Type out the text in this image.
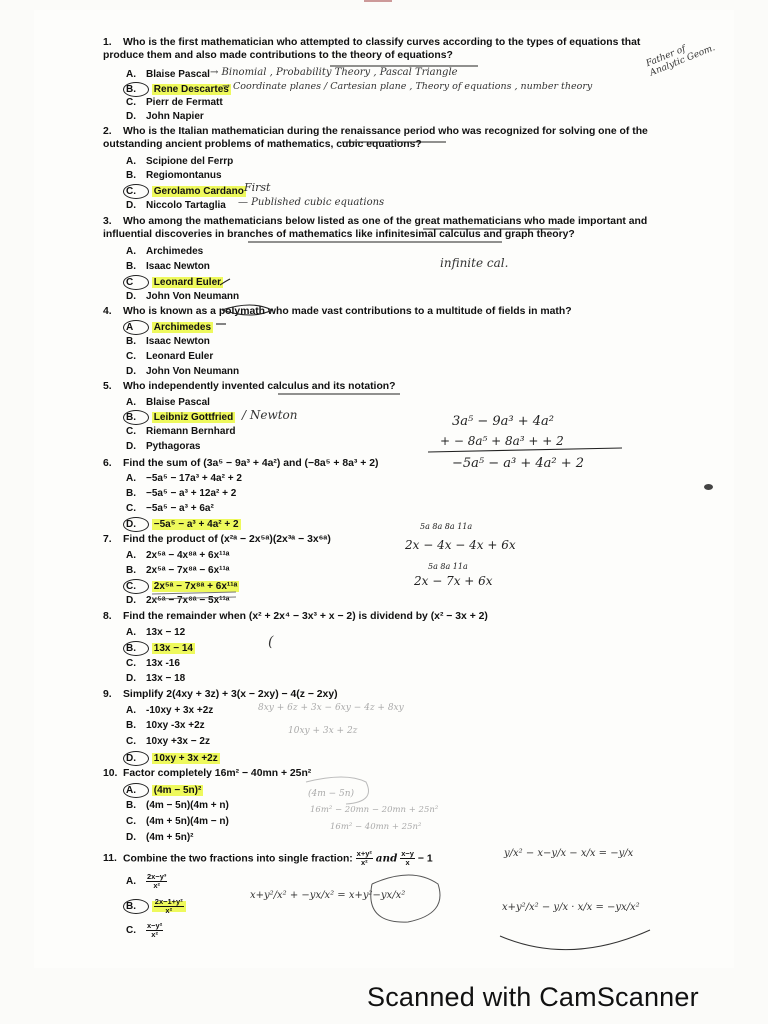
1. Who is the first mathematician who attempted to classify curves according to the types of equations that produce them and also made contributions to the theory of equations?
A. Blaise Pascal
B. Rene Descartes
C. Pierr de Fermatt
D. John Napier
→ Binomial , Probability Theory , Pascal Triangle
→ Coordinate planes / Cartesian plane , Theory of equations , number theory
Father of Analytic Geom.
2. Who is the Italian mathematician during the renaissance period who was recognized for solving one of the outstanding ancient problems of mathematics, cubic equations?
A. Scipione del Ferrp
B. Regiomontanus
C. Gerolamo Cardano
D. Niccolo Tartaglia
First
— Published cubic equations
3. Who among the mathematicians below listed as one of the great mathematicians who made important and influential discoveries in branches of mathematics like infinitesimal calculus and graph theory?
A. Archimedes
B. Isaac Newton
C Leonard Euler
D. John Von Neumann
infinite cal.
4. Who is known as a polymath who made vast contributions to a multitude of fields in math?
A Archimedes
B. Isaac Newton
C. Leonard Euler
D. John Von Neumann
5. Who independently invented calculus and its notation?
A. Blaise Pascal
B. Leibniz Gottfried
C. Riemann Bernhard
D. Pythagoras
/ Newton	3a⁵ − 9a³ + 4a²
+ − 8a⁵ + 8a³ + + 2
−5a⁵ − a³ + 4a² + 2
6. Find the sum of (3a⁵ − 9a³ + 4a²) and (−8a⁵ + 8a³ + 2)
A. −5a⁵ − 17a³ + 4a² + 2
B. −5a⁵ − a³ + 12a² + 2
C. −5a⁵ − a³ + 6a²
D. −5a⁵ − a³ + 4a² + 2
7. Find the product of (x²ᵃ − 2x⁵ᵃ)(2x³ᵃ − 3x⁶ᵃ)
A. 2x⁵ᵃ − 4x⁸ᵃ + 6x¹¹ᵃ
B. 2x⁵ᵃ − 7x⁸ᵃ − 6x¹¹ᵃ
C. 2x⁵ᵃ − 7x⁸ᵃ + 6x¹¹ᵃ
D. 2x⁵ᵃ − 7x⁸ᵃ − 5x¹¹ᵃ
5a 8a 8a 11a
2x − 4x − 4x + 6x
5a 8a 11a
2x − 7x + 6x
8. Find the remainder when (x² + 2x⁴ − 3x³ + x − 2) is dividend by (x² − 3x + 2)
A. 13x − 12
B. 13x − 14
C. 13x -16
D. 13x − 18
(
9. Simplify 2(4xy + 3z) + 3(x − 2xy) − 4(z − 2xy)
A. -10xy + 3x +2z
B. 10xy -3x +2z
C. 10xy +3x − 2z
D. 10xy + 3x +2z
8xy + 6z + 3x − 6xy − 4z + 8xy
10xy + 3x + 2z
10. Factor completely 16m² − 40mn + 25n²
A. (4m − 5n)²
B. (4m − 5n)(4m + n)
C. (4m + 5n)(4m − n)
D. (4m + 5n)²
(4m − 5n)
16m² − 20mn − 20mn + 25n²
16m² − 40mn + 25n²
11. Combine the two fractions into single fraction: $\frac{\text{x+y²}}{\text{x²}}$ and $\frac{x-y}{x} - 1$
A. $\frac{\text{2x−y³}}{\text{x²}}$
B. $\frac{\text{2x−1+y²}}{\text{x²}}$
C. $\frac{\text{x−y²}}{\text{x²}}$
x+y²/x² + −yx/x² = x+y²−yx/x²
x+y²/x² − y/x · x/x = −yx/x²
y/x² − x−y/x − x/x = −y/x
Scanned with CamScanner
